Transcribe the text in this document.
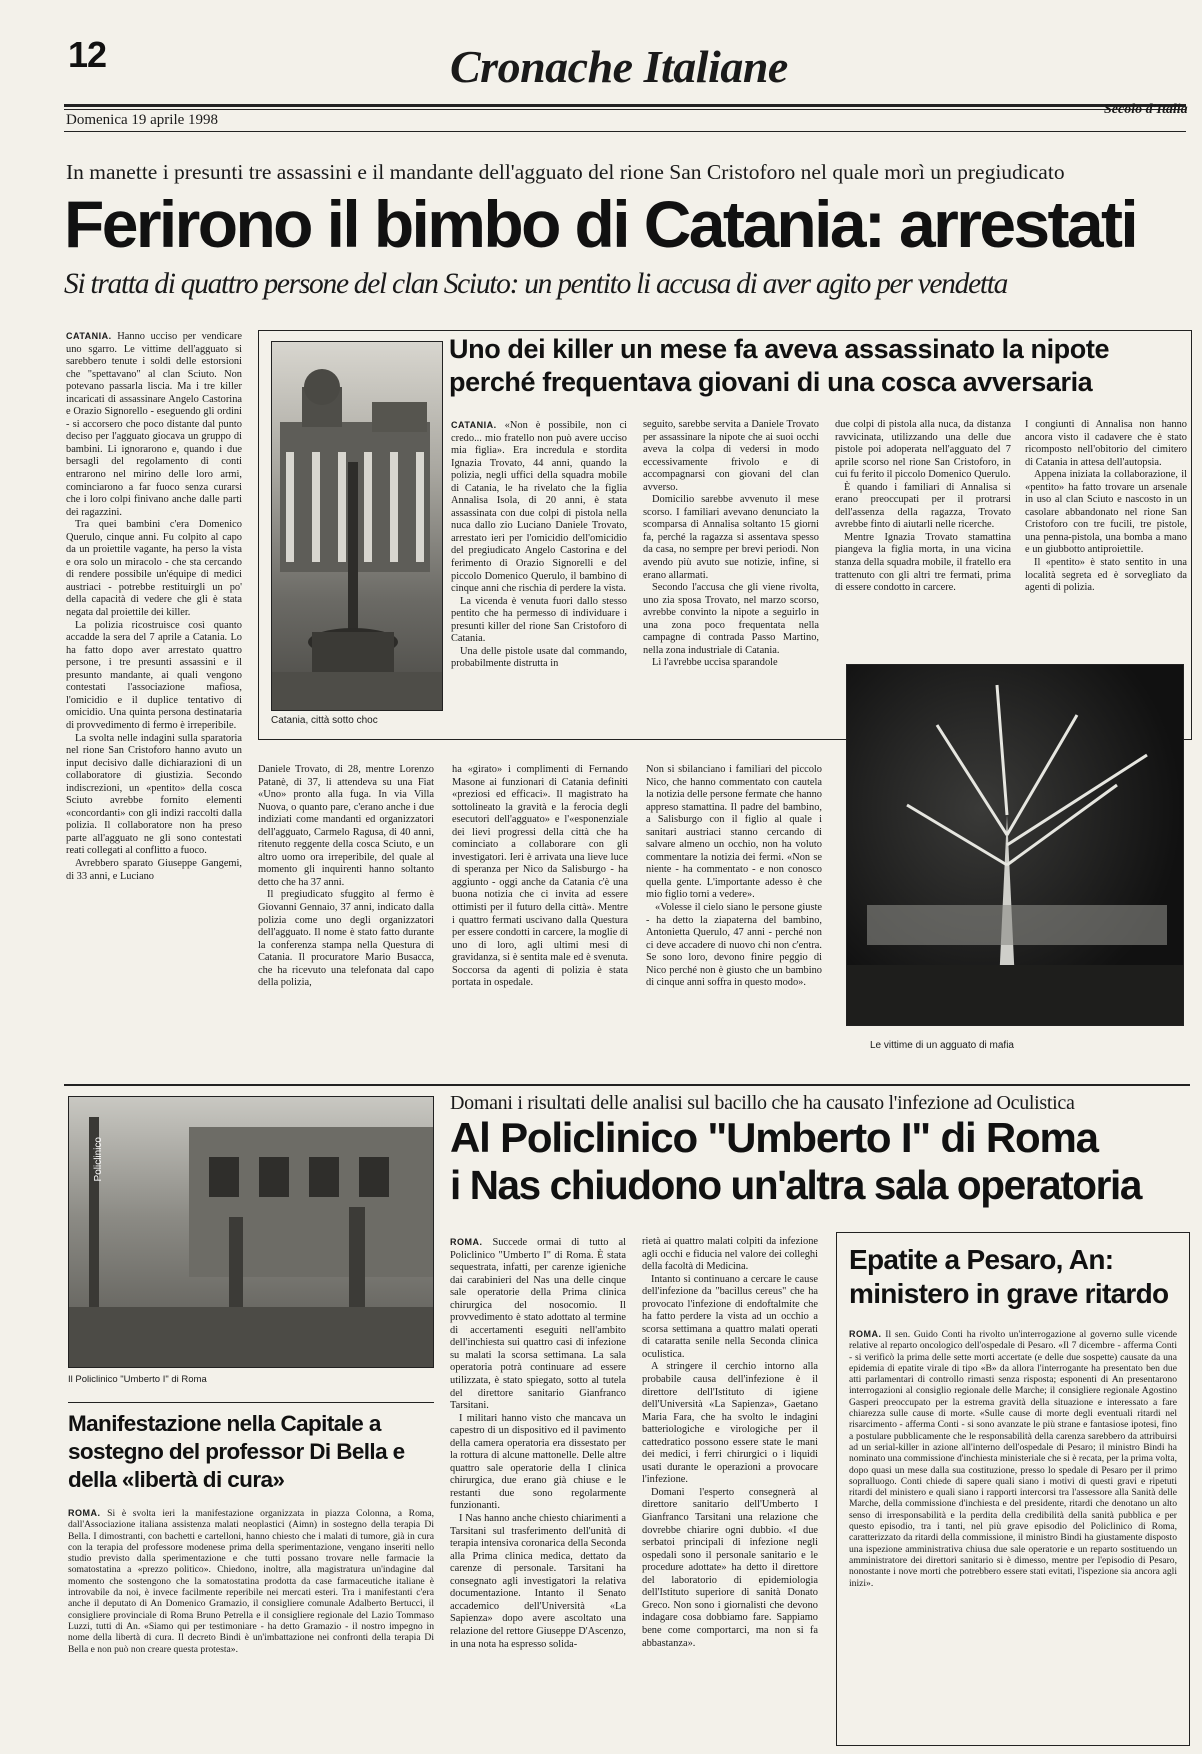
12	Cronache Italiane
Domenica 19 aprile 1998
Secolo d'Italia
In manette i presunti tre assassini e il mandante dell'agguato del rione San Cristoforo nel quale morì un pregiudicato
Ferirono il bimbo di Catania: arrestati
Si tratta di quattro persone del clan Sciuto: un pentito li accusa di aver agito per vendetta

CATANIA. Hanno ucciso per vendicare uno sgarro. Le vittime dell'agguato si sarebbero tenute i soldi delle estorsioni che "spettavano" al clan Sciuto. Non potevano passarla liscia. Ma i tre killer incaricati di assassinare Angelo Castorina e Orazio Signorello - eseguendo gli ordini - si accorsero che poco distante dal punto deciso per l'agguato giocava un gruppo di bambini. Li ignorarono e, quando i due bersagli del regolamento di conti entrarono nel mirino delle loro armi, cominciarono a far fuoco senza curarsi che i loro colpi finivano anche dalle parti dei ragazzini.

Tra quei bambini c'era Domenico Querulo, cinque anni. Fu colpito al capo da un proiettile vagante, ha perso la vista e ora solo un miracolo - che sta cercando di rendere possibile un'équipe di medici austriaci - potrebbe restituirgli un po' della capacità di vedere che gli è stata negata dal proiettile dei killer.

La polizia ricostruisce così quanto accadde la sera del 7 aprile a Catania. Lo ha fatto dopo aver arrestato quattro persone, i tre presunti assassini e il presunto mandante, ai quali vengono contestati l'associazione mafiosa, l'omicidio e il duplice tentativo di omicidio. Una quinta persona destinataria di provvedimento di fermo è irreperibile.

La svolta nelle indagini sulla sparatoria nel rione San Cristoforo hanno avuto un input decisivo dalle dichiarazioni di un collaboratore di giustizia. Secondo indiscrezioni, un «pentito» della cosca Sciuto avrebbe fornito elementi «concordanti» con gli indizi raccolti dalla polizia. Il collaboratore non ha preso parte all'agguato ne gli sono contestati reati collegati al conflitto a fuoco.

Avrebbero sparato Giuseppe Gangemi, di 33 anni, e Luciano

Catania, città sotto choc
Uno dei killer un mese fa aveva assassinato la nipote perché frequentava giovani di una cosca avversaria

CATANIA. «Non è possibile, non ci credo... mio fratello non può avere ucciso mia figlia». Era incredula e stordita Ignazia Trovato, 44 anni, quando la polizia, negli uffici della squadra mobile di Catania, le ha rivelato che la figlia Annalisa Isola, di 20 anni, è stata assassinata con due colpi di pistola nella nuca dallo zio Luciano Daniele Trovato, arrestato ieri per l'omicidio dell'omicidio del pregiudicato Angelo Castorina e del ferimento di Orazio Signorelli e del piccolo Domenico Querulo, il bambino di cinque anni che rischia di perdere la vista.

La vicenda è venuta fuori dallo stesso pentito che ha permesso di individuare i presunti killer del rione San Cristoforo di Catania.

Una delle pistole usate dal commando, probabilmente distrutta in

seguito, sarebbe servita a Daniele Trovato per assassinare la nipote che ai suoi occhi aveva la colpa di vedersi in modo eccessivamente frivolo e di accompagnarsi con giovani del clan avverso.

Domicilio sarebbe avvenuto il mese scorso. I familiari avevano denunciato la scomparsa di Annalisa soltanto 15 giorni fa, perché la ragazza si assentava spesso da casa, no sempre per brevi periodi. Non avendo più avuto sue notizie, infine, si erano allarmati.

Secondo l'accusa che gli viene rivolta, uno zia sposa Trovato, nel marzo scorso, avrebbe convinto la nipote a seguirlo in una zona poco frequentata nella campagne di contrada Passo Martino, nella zona industriale di Catania.

Lì l'avrebbe uccisa sparandole

due colpi di pistola alla nuca, da distanza ravvicinata, utilizzando una delle due pistole poi adoperata nell'agguato del 7 aprile scorso nel rione San Cristoforo, in cui fu ferito il piccolo Domenico Querulo.

È quando i familiari di Annalisa si erano preoccupati per il protrarsi dell'assenza della ragazza, Trovato avrebbe finto di aiutarli nelle ricerche.

Mentre Ignazia Trovato stamattina piangeva la figlia morta, in una vicina stanza della squadra mobile, il fratello era trattenuto con gli altri tre fermati, prima di essere condotto in carcere.

I congiunti di Annalisa non hanno ancora visto il cadavere che è stato ricomposto nell'obitorio del cimitero di Catania in attesa dell'autopsia.

Appena iniziata la collaborazione, il «pentito» ha fatto trovare un arsenale in uso al clan Sciuto e nascosto in un casolare abbandonato nel rione San Cristoforo con tre fucili, tre pistole, una penna-pistola, una bomba a mano e un giubbotto antiproiettile.

Il «pentito» è stato sentito in una località segreta ed è sorvegliato da agenti di polizia.

Daniele Trovato, di 28, mentre Lorenzo Patanè, di 37, li attendeva su una Fiat «Uno» pronto alla fuga. In via Villa Nuova, o quanto pare, c'erano anche i due indiziati come mandanti ed organizzatori dell'agguato, Carmelo Ragusa, di 40 anni, ritenuto reggente della cosca Sciuto, e un altro uomo ora irreperibile, del quale al momento gli inquirenti hanno soltanto detto che ha 37 anni.

Il pregiudicato sfuggito al fermo è Giovanni Gennaio, 37 anni, indicato dalla polizia come uno degli organizzatori dell'agguato. Il nome è stato fatto durante la conferenza stampa nella Questura di Catania. Il procuratore Mario Busacca, che ha ricevuto una telefonata dal capo della polizia,

ha «girato» i complimenti di Fernando Masone ai funzionari di Catania definiti «preziosi ed efficaci». Il magistrato ha sottolineato la gravità e la ferocia degli esecutori dell'agguato» e l'«esponenziale dei lievi progressi della città che ha cominciato a collaborare con gli investigatori. Ieri è arrivata una lieve luce di speranza per Nico da Salisburgo - ha aggiunto - oggi anche da Catania c'è una buona notizia che ci invita ad essere ottimisti per il futuro della città». Mentre i quattro fermati uscivano dalla Questura per essere condotti in carcere, la moglie di uno di loro, agli ultimi mesi di gravidanza, si è sentita male ed è svenuta. Soccorsa da agenti di polizia è stata portata in ospedale.

Non si sbilanciano i familiari del piccolo Nico, che hanno commentato con cautela la notizia delle persone fermate che hanno appreso stamattina. Il padre del bambino, a Salisburgo con il figlio al quale i sanitari austriaci stanno cercando di salvare almeno un occhio, non ha voluto commentare la notizia dei fermi. «Non se niente - ha commentato - e non conosco quella gente. L'importante adesso è che mio figlio torni a vedere».

«Volesse il cielo siano le persone giuste - ha detto la ziapaterna del bambino, Antonietta Querulo, 47 anni - perché non ci deve accadere di nuovo chi non c'entra. Se sono loro, devono finire peggio di Nico perché non è giusto che un bambino di cinque anni soffra in questo modo».

Le vittime di un agguato di mafia
Policlinico
Il Policlinico "Umberto I" di Roma
Domani i risultati delle analisi sul bacillo che ha causato l'infezione ad Oculistica
Al Policlinico "Umberto I" di Roma
i Nas chiudono un'altra sala operatoria

ROMA. Succede ormai di tutto al Policlinico "Umberto I" di Roma. È stata sequestrata, infatti, per carenze igieniche dai carabinieri del Nas una delle cinque sale operatorie della Prima clinica chirurgica del nosocomio. Il provvedimento è stato adottato al termine di accertamenti eseguiti nell'ambito dell'inchiesta sui quattro casi di infezione su malati la scorsa settimana. La sala operatoria potrà continuare ad essere utilizzata, è stato spiegato, sotto al tutela del direttore sanitario Gianfranco Tarsitani.

I militari hanno visto che mancava un capestro di un dispositivo ed il pavimento della camera operatoria era dissestato per la rottura di alcune mattonelle. Delle altre quattro sale operatorie della I clinica chirurgica, due erano già chiuse e le restanti due sono regolarmente funzionanti.

I Nas hanno anche chiesto chiarimenti a Tarsitani sul trasferimento dell'unità di terapia intensiva coronarica della Seconda alla Prima clinica medica, dettato da carenze di personale. Tarsitani ha consegnato agli investigatori la relativa documentazione. Intanto il Senato accademico dell'Università «La Sapienza» dopo avere ascoltato una relazione del rettore Giuseppe D'Ascenzo, in una nota ha espresso solida-

rietà ai quattro malati colpiti da infezione agli occhi e fiducia nel valore dei colleghi della facoltà di Medicina.

Intanto si continuano a cercare le cause dell'infezione da "bacillus cereus" che ha provocato l'infezione di endoftalmite che ha fatto perdere la vista ad un occhio a scorsa settimana a quattro malati operati di cataratta senile nella Seconda clinica oculistica.

A stringere il cerchio intorno alla probabile causa dell'infezione è il direttore dell'Istituto di igiene dell'Università «La Sapienza», Gaetano Maria Fara, che ha svolto le indagini batteriologiche e virologiche per il cattedratico possono essere state le mani dei medici, i ferri chirurgici o i liquidi usati durante le operazioni a provocare l'infezione.

Domani l'esperto consegnerà al direttore sanitario dell'Umberto I Gianfranco Tarsitani una relazione che dovrebbe chiarire ogni dubbio. «I due serbatoi principali di infezione negli ospedali sono il personale sanitario e le procedure adottate» ha detto il direttore del laboratorio di epidemiologia dell'Istituto superiore di sanità Donato Greco. Non sono i giornalisti che devono indagare cosa dobbiamo fare. Sappiamo bene come comportarci, ma non si fa abbastanza».

Manifestazione nella Capitale a sostegno del professor Di Bella e della «libertà di cura»

ROMA. Si è svolta ieri la manifestazione organizzata in piazza Colonna, a Roma, dall'Associazione italiana assistenza malati neoplastici (Aimn) in sostegno della terapia Di Bella. I dimostranti, con bachetti e cartelloni, hanno chiesto che i malati di tumore, già in cura con la terapia del professore modenese prima della sperimentazione, vengano inseriti nello studio previsto dalla sperimentazione e che tutti possano trovare nelle farmacie la somatostatina a «prezzo politico». Chiedono, inoltre, alla magistratura un'indagine dal momento che sostengono che la somatostatina prodotta da case farmaceutiche italiane è introvabile da noi, è invece facilmente reperibile nei mercati esteri. Tra i manifestanti c'era anche il deputato di An Domenico Gramazio, il consigliere comunale Adalberto Bertucci, il consigliere provinciale di Roma Bruno Petrella e il consigliere regionale del Lazio Tommaso Luzzi, tutti di An. «Siamo qui per testimoniare - ha detto Gramazio - il nostro impegno in nome della libertà di cura. Il decreto Bindi è un'imbattazione nei confronti della terapia Di Bella e non può non creare questa protesta».

Epatite a Pesaro, An: ministero in grave ritardo

ROMA. Il sen. Guido Conti ha rivolto un'interrogazione al governo sulle vicende relative al reparto oncologico dell'ospedale di Pesaro. «Il 7 dicembre - afferma Conti - si verificò la prima delle sette morti accertate (e delle due sospette) causate da una epidemia di epatite virale di tipo «B» da allora l'interrogante ha presentato ben due atti parlamentari di controllo rimasti senza risposta; esponenti di An presentarono interrogazioni al consiglio regionale delle Marche; il consigliere regionale Agostino Gasperi preoccupato per la estrema gravità della situazione e interessato a fare chiarezza sulle cause di morte. «Sulle cause di morte degli eventuali ritardi nel risarcimento - afferma Conti - si sono avanzate le più strane e fantasiose ipotesi, fino a postulare pubblicamente che le responsabilità della carenza sarebbero da attribuirsi ad un serial-killer in azione all'interno dell'ospedale di Pesaro; il ministro Bindi ha nominato una commissione d'inchiesta ministeriale che si è recata, per la prima volta, dopo quasi un mese dalla sua costituzione, presso lo spedale di Pesaro per il primo sopralluogo. Conti chiede di sapere quali siano i motivi di questi gravi e ripetuti ritardi del ministero e quali siano i rapporti intercorsi tra l'assessore alla Sanità delle Marche, della commissione d'inchiesta e del presidente, ritardi che denotano un alto senso di irresponsabilità e la perdita della credibilità della sanità pubblica e per questo episodio, tra i tanti, nel più grave episodio del Policlinico di Roma, caratterizzato da ritardi della commissione, il ministro Bindi ha giustamente disposto una ispezione amministrativa chiusa due sale operatorie e un reparto sostituendo un amministratore dei direttori sanitario si è dimesso, mentre per l'episodio di Pesaro, nonostante i nove morti che potrebbero essere stati evitati, l'ispezione sia ancora agli inizi».
